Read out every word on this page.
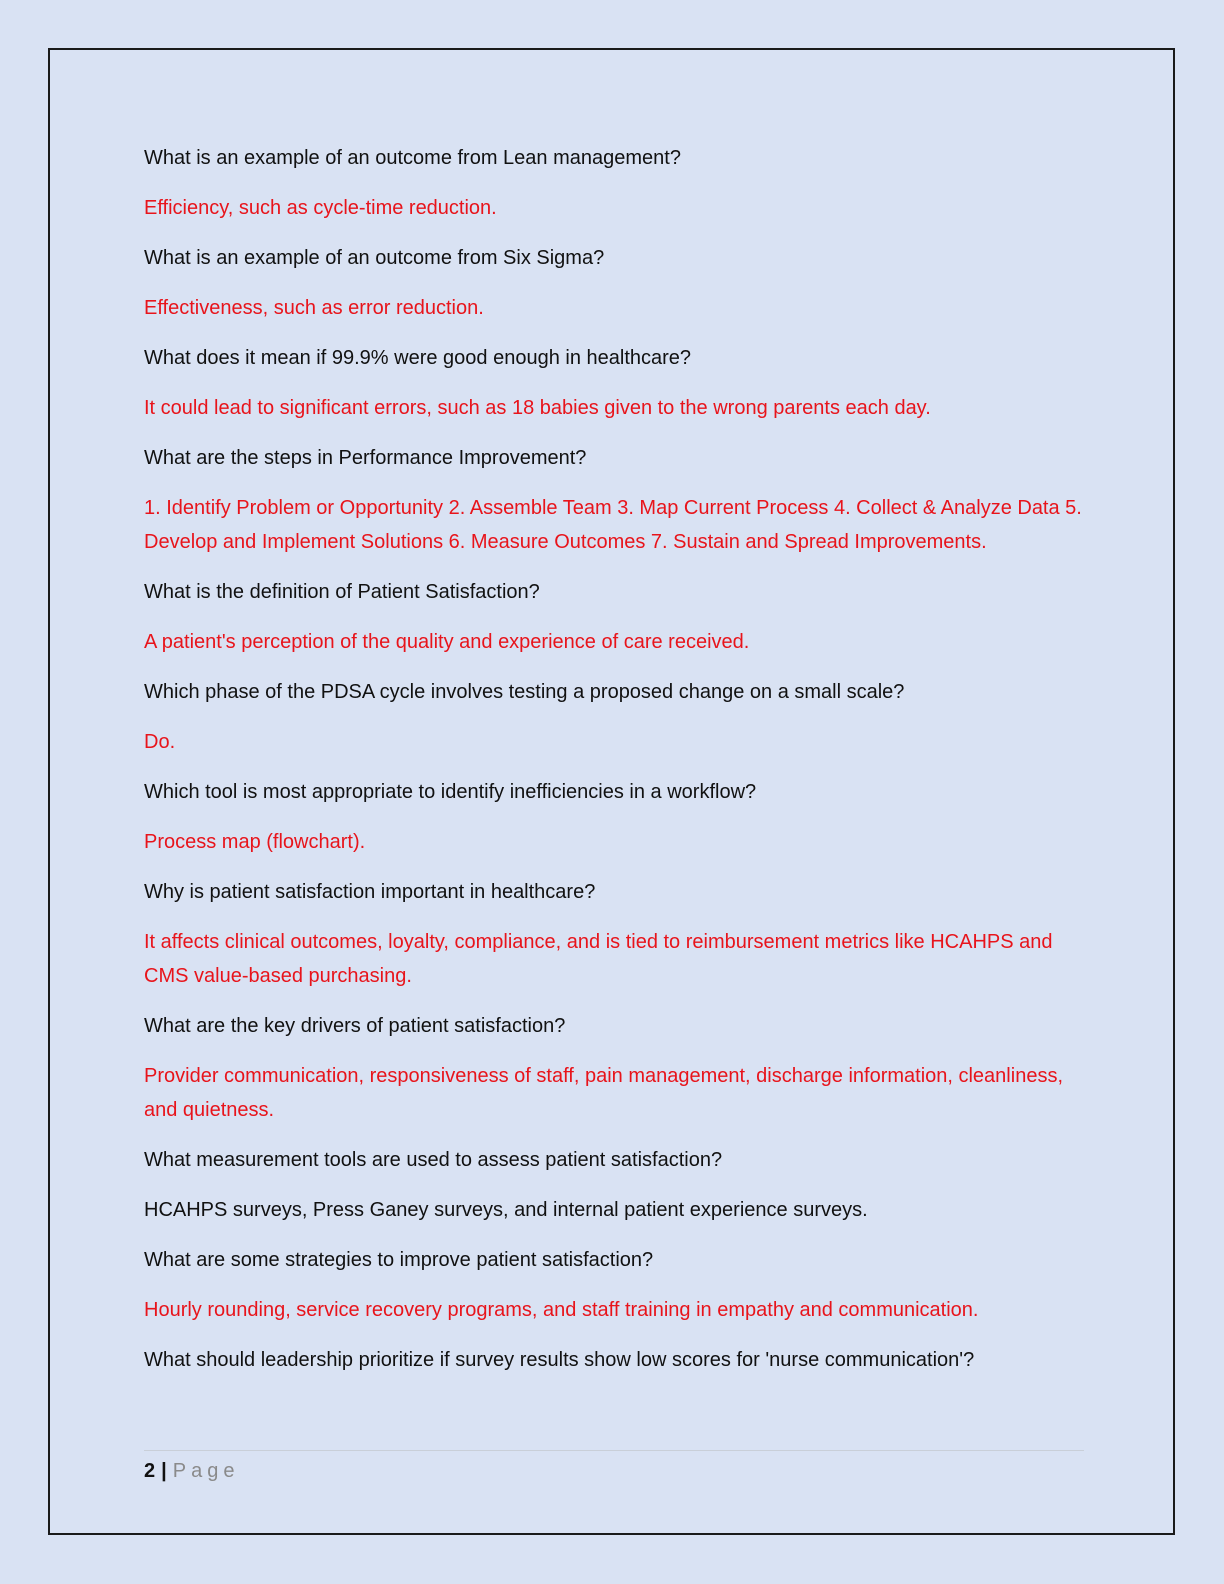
What is an example of an outcome from Lean management?

Efficiency, such as cycle-time reduction.

What is an example of an outcome from Six Sigma?

Effectiveness, such as error reduction.

What does it mean if 99.9% were good enough in healthcare?

It could lead to significant errors, such as 18 babies given to the wrong parents each day.

What are the steps in Performance Improvement?

1. Identify Problem or Opportunity 2. Assemble Team 3. Map Current Process 4. Collect & Analyze Data 5. Develop and Implement Solutions 6. Measure Outcomes 7. Sustain and Spread Improvements.

What is the definition of Patient Satisfaction?

A patient's perception of the quality and experience of care received.

Which phase of the PDSA cycle involves testing a proposed change on a small scale?

Do.

Which tool is most appropriate to identify inefficiencies in a workflow?

Process map (flowchart).

Why is patient satisfaction important in healthcare?

It affects clinical outcomes, loyalty, compliance, and is tied to reimbursement metrics like HCAHPS and CMS value-based purchasing.

What are the key drivers of patient satisfaction?

Provider communication, responsiveness of staff, pain management, discharge information, cleanliness, and quietness.

What measurement tools are used to assess patient satisfaction?

HCAHPS surveys, Press Ganey surveys, and internal patient experience surveys.

What are some strategies to improve patient satisfaction?

Hourly rounding, service recovery programs, and staff training in empathy and communication.

What should leadership prioritize if survey results show low scores for 'nurse communication'?

2 | Page
